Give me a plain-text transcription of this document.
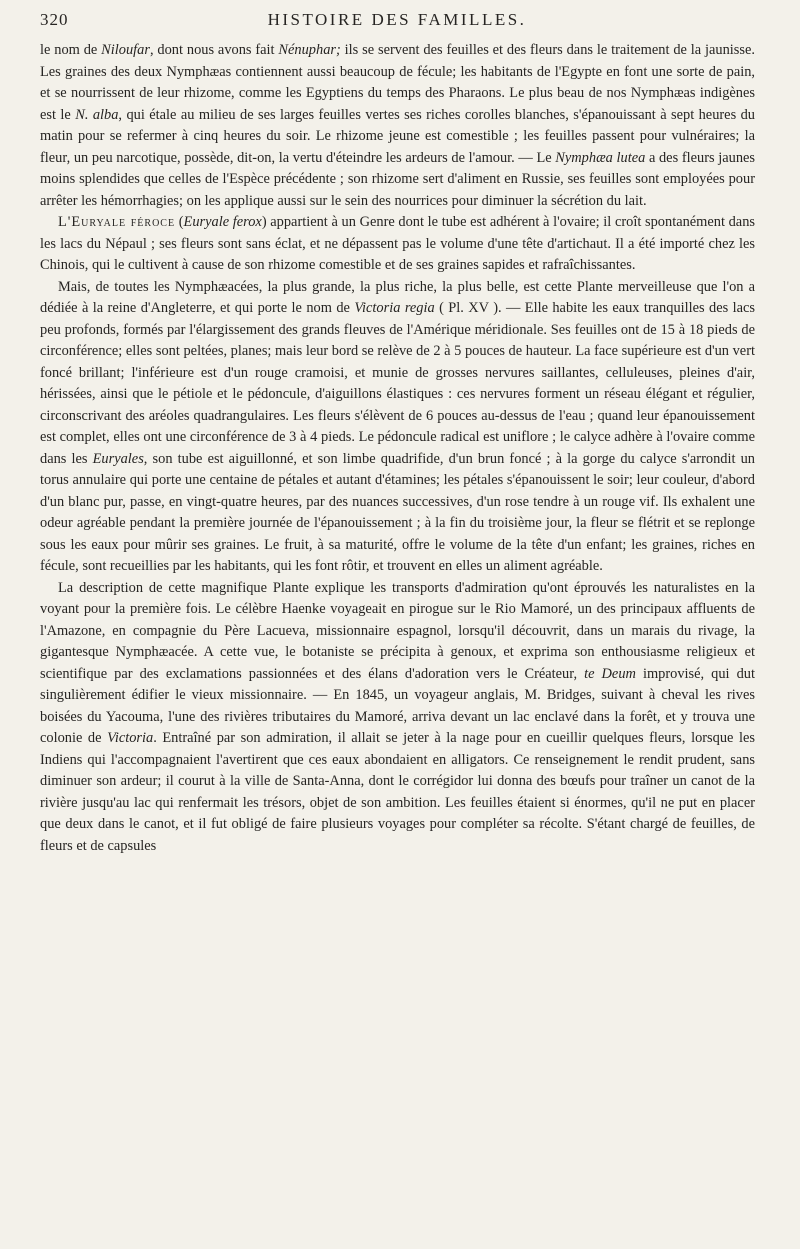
320	HISTOIRE DES FAMILLES.

le nom de Niloufar, dont nous avons fait Nénuphar; ils se servent des feuilles et des fleurs dans le traitement de la jaunisse. Les graines des deux Nymphæas contiennent aussi beaucoup de fécule; les habitants de l'Egypte en font une sorte de pain, et se nourrissent de leur rhizome, comme les Egyptiens du temps des Pharaons. Le plus beau de nos Nymphæas indigènes est le N. alba, qui étale au milieu de ses larges feuilles vertes ses riches corolles blanches, s'épanouissant à sept heures du matin pour se refermer à cinq heures du soir. Le rhizome jeune est comestible ; les feuilles passent pour vulnéraires; la fleur, un peu narcotique, possède, dit-on, la vertu d'éteindre les ardeurs de l'amour. — Le Nymphæa lutea a des fleurs jaunes moins splendides que celles de l'Espèce précédente ; son rhizome sert d'aliment en Russie, ses feuilles sont employées pour arrêter les hémorrhagies; on les applique aussi sur le sein des nourrices pour diminuer la sécrétion du lait.

L'Euryale féroce (Euryale ferox) appartient à un Genre dont le tube est adhérent à l'ovaire; il croît spontanément dans les lacs du Népaul ; ses fleurs sont sans éclat, et ne dépassent pas le volume d'une tête d'artichaut. Il a été importé chez les Chinois, qui le cultivent à cause de son rhizome comestible et de ses graines sapides et rafraîchissantes.

Mais, de toutes les Nymphæacées, la plus grande, la plus riche, la plus belle, est cette Plante merveilleuse que l'on a dédiée à la reine d'Angleterre, et qui porte le nom de Victoria regia ( Pl. XV ). — Elle habite les eaux tranquilles des lacs peu profonds, formés par l'élargissement des grands fleuves de l'Amérique méridionale. Ses feuilles ont de 15 à 18 pieds de circonférence; elles sont peltées, planes; mais leur bord se relève de 2 à 5 pouces de hauteur. La face supérieure est d'un vert foncé brillant; l'inférieure est d'un rouge cramoisi, et munie de grosses nervures saillantes, celluleuses, pleines d'air, hérissées, ainsi que le pétiole et le pédoncule, d'aiguillons élastiques : ces nervures forment un réseau élégant et régulier, circonscrivant des aréoles quadrangulaires. Les fleurs s'élèvent de 6 pouces au-dessus de l'eau ; quand leur épanouissement est complet, elles ont une circonférence de 3 à 4 pieds. Le pédoncule radical est uniflore ; le calyce adhère à l'ovaire comme dans les Euryales, son tube est aiguillonné, et son limbe quadrifide, d'un brun foncé ; à la gorge du calyce s'arrondit un torus annulaire qui porte une centaine de pétales et autant d'étamines; les pétales s'épanouissent le soir; leur couleur, d'abord d'un blanc pur, passe, en vingt-quatre heures, par des nuances successives, d'un rose tendre à un rouge vif. Ils exhalent une odeur agréable pendant la première journée de l'épanouissement ; à la fin du troisième jour, la fleur se flétrit et se replonge sous les eaux pour mûrir ses graines. Le fruit, à sa maturité, offre le volume de la tête d'un enfant; les graines, riches en fécule, sont recueillies par les habitants, qui les font rôtir, et trouvent en elles un aliment agréable.

La description de cette magnifique Plante explique les transports d'admiration qu'ont éprouvés les naturalistes en la voyant pour la première fois. Le célèbre Haenke voyageait en pirogue sur le Rio Mamoré, un des principaux affluents de l'Amazone, en compagnie du Père Lacueva, missionnaire espagnol, lorsqu'il découvrit, dans un marais du rivage, la gigantesque Nymphæacée. A cette vue, le botaniste se précipita à genoux, et exprima son enthousiasme religieux et scientifique par des exclamations passionnées et des élans d'adoration vers le Créateur, te Deum improvisé, qui dut singulièrement édifier le vieux missionnaire. — En 1845, un voyageur anglais, M. Bridges, suivant à cheval les rives boisées du Yacouma, l'une des rivières tributaires du Mamoré, arriva devant un lac enclavé dans la forêt, et y trouva une colonie de Victoria. Entraîné par son admiration, il allait se jeter à la nage pour en cueillir quelques fleurs, lorsque les Indiens qui l'accompagnaient l'avertirent que ces eaux abondaient en alligators. Ce renseignement le rendit prudent, sans diminuer son ardeur; il courut à la ville de Santa-Anna, dont le corrégidor lui donna des bœufs pour traîner un canot de la rivière jusqu'au lac qui renfermait les trésors, objet de son ambition. Les feuilles étaient si énormes, qu'il ne put en placer que deux dans le canot, et il fut obligé de faire plusieurs voyages pour compléter sa récolte. S'étant chargé de feuilles, de fleurs et de capsules
